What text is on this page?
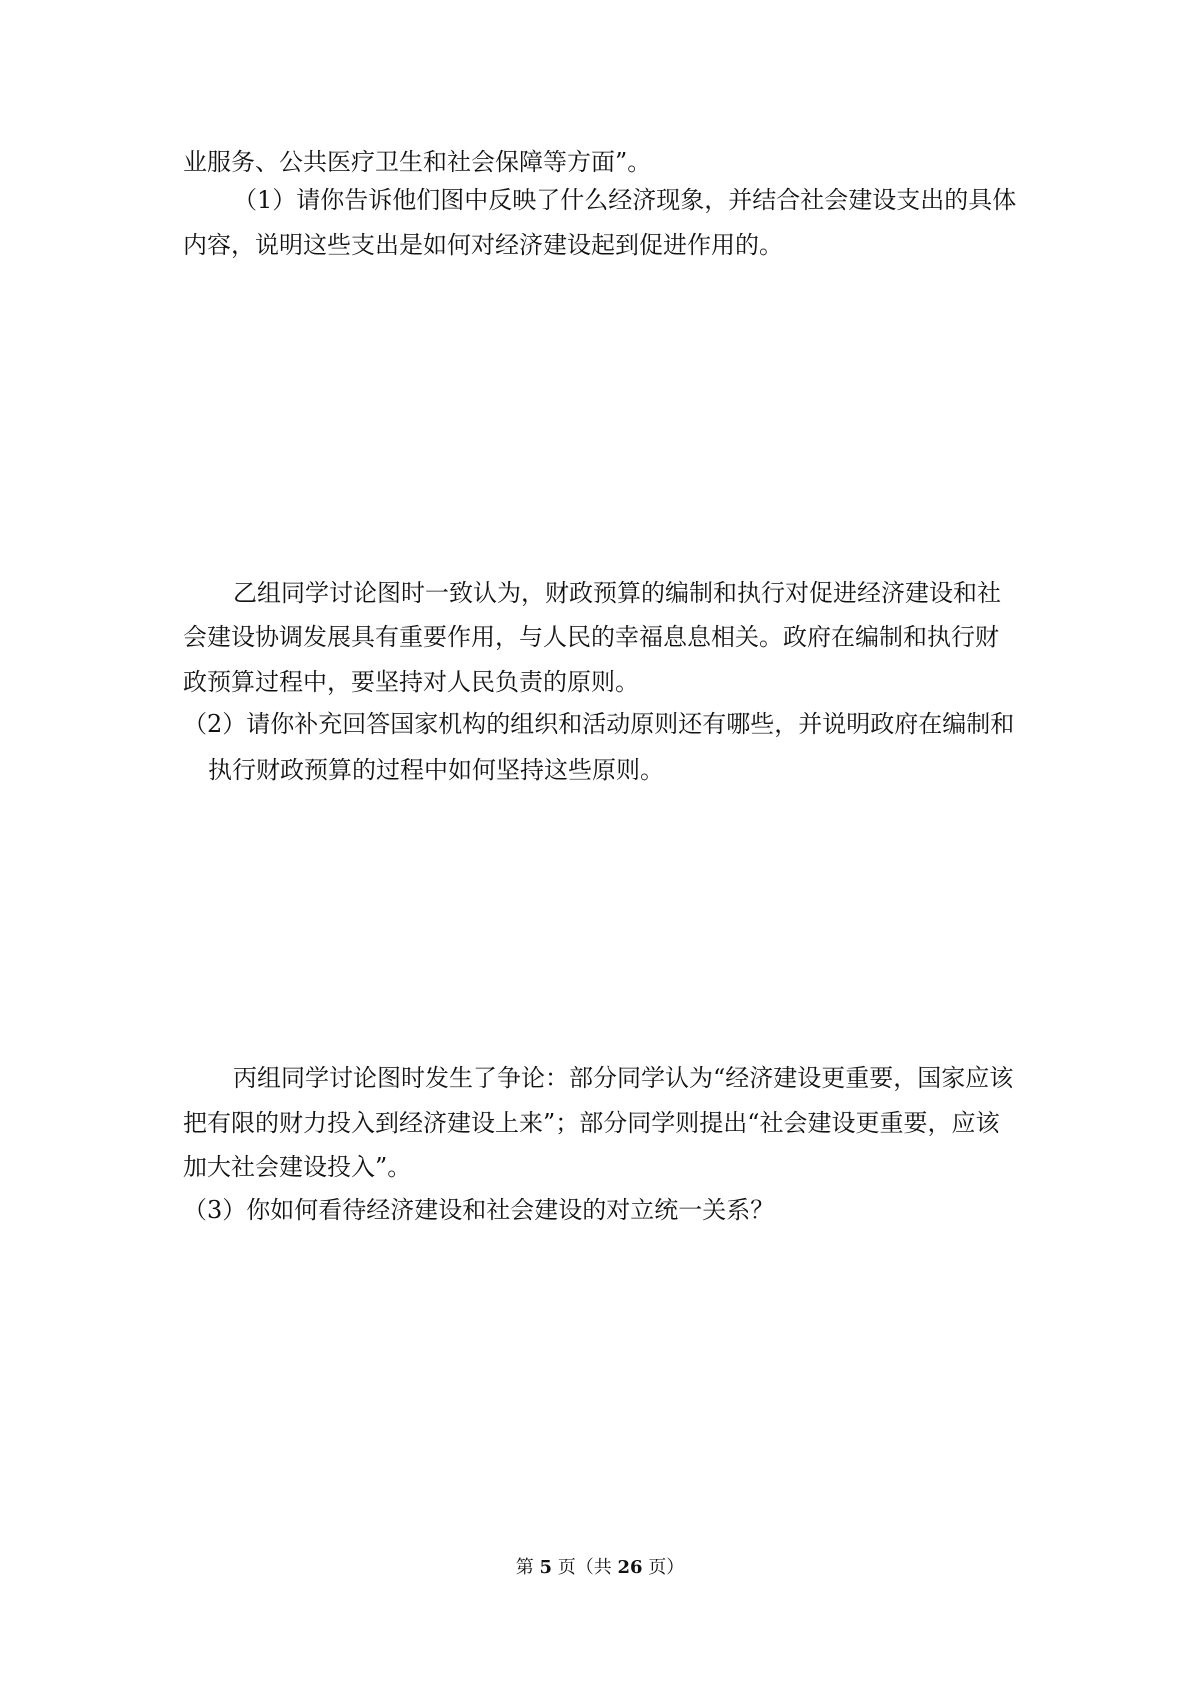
业服务、公共医疗卫生和社会保障等方面”。
（1）请你告诉他们图中反映了什么经济现象，并结合社会建设支出的具体
内容，说明这些支出是如何对经济建设起到促进作用的。
乙组同学讨论图时一致认为，财政预算的编制和执行对促进经济建设和社
会建设协调发展具有重要作用，与人民的幸福息息相关。政府在编制和执行财
政预算过程中，要坚持对人民负责的原则。
（2）请你补充回答国家机构的组织和活动原则还有哪些，并说明政府在编制和
执行财政预算的过程中如何坚持这些原则。
丙组同学讨论图时发生了争论：部分同学认为“经济建设更重要，国家应该
把有限的财力投入到经济建设上来”；部分同学则提出“社会建设更重要，应该
加大社会建设投入”。
（3）你如何看待经济建设和社会建设的对立统一关系？
第 5 页（共 26 页）
